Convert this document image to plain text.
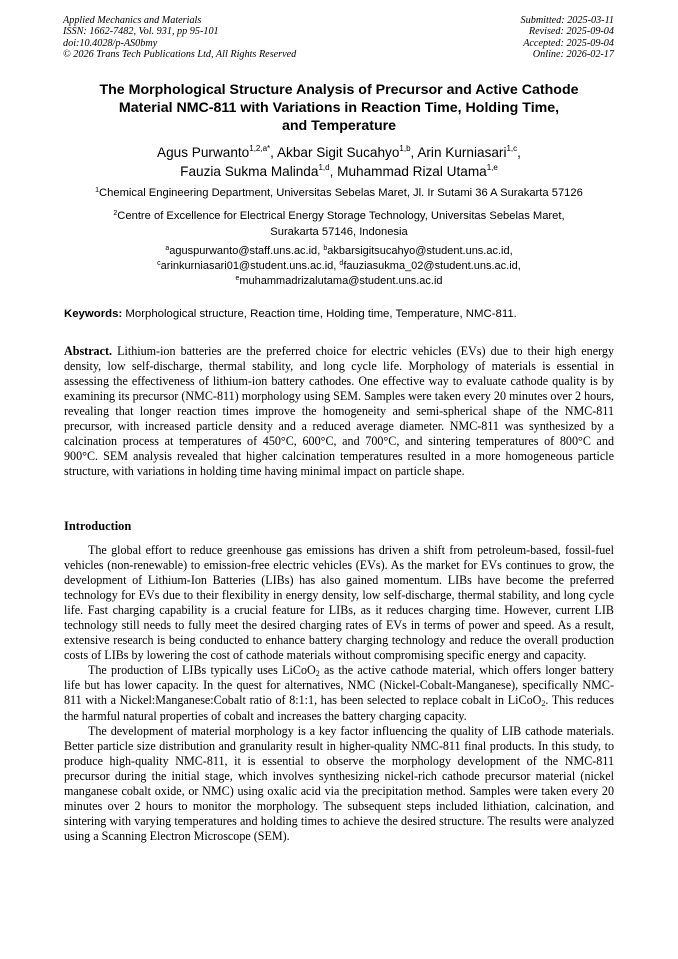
Applied Mechanics and Materials
ISSN: 1662-7482, Vol. 931, pp 95-101
doi:10.4028/p-AS0bmy
© 2026 Trans Tech Publications Ltd, All Rights Reserved
Submitted: 2025-03-11
Revised: 2025-09-04
Accepted: 2025-09-04
Online: 2026-02-17
The Morphological Structure Analysis of Precursor and Active Cathode
Material NMC-811 with Variations in Reaction Time, Holding Time,
and Temperature
Agus Purwanto$^{1,2,a*}$, Akbar Sigit Sucahyo$^{1,b}$, Arin Kurniasari$^{1,c}$,
Fauzia Sukma Malinda$^{1,d}$, Muhammad Rizal Utama$^{1,e}$
$^1$Chemical Engineering Department, Universitas Sebelas Maret, Jl. Ir Sutami 36 A Surakarta 57126
$^2$Centre of Excellence for Electrical Energy Storage Technology, Universitas Sebelas Maret,
Surakarta 57146, Indonesia
$^a$aguspurwanto@staff.uns.ac.id, $^b$akbarsigitsucahyo@student.uns.ac.id,
$^c$arinkurniasari01@student.uns.ac.id, $^d$fauziasukma_02@student.uns.ac.id,
$^e$muhammadrizalutama@student.uns.ac.id
Keywords: Morphological structure, Reaction time, Holding time, Temperature, NMC-811.

Abstract. Lithium-ion batteries are the preferred choice for electric vehicles (EVs) due to their high energy density, low self-discharge, thermal stability, and long cycle life. Morphology of materials is essential in assessing the effectiveness of lithium-ion battery cathodes. One effective way to evaluate cathode quality is by examining its precursor (NMC-811) morphology using SEM. Samples were taken every 20 minutes over 2 hours, revealing that longer reaction times improve the homogeneity and semi-spherical shape of the NMC-811 precursor, with increased particle density and a reduced average diameter. NMC-811 was synthesized by a calcination process at temperatures of 450°C, 600°C, and 700°C, and sintering temperatures of 800°C and 900°C. SEM analysis revealed that higher calcination temperatures resulted in a more homogeneous particle structure, with variations in holding time having minimal impact on particle shape.

Introduction

The global effort to reduce greenhouse gas emissions has driven a shift from petroleum-based, fossil-fuel vehicles (non-renewable) to emission-free electric vehicles (EVs). As the market for EVs continues to grow, the development of Lithium-Ion Batteries (LIBs) has also gained momentum. LIBs have become the preferred technology for EVs due to their flexibility in energy density, low self-discharge, thermal stability, and long cycle life. Fast charging capability is a crucial feature for LIBs, as it reduces charging time. However, current LIB technology still needs to fully meet the desired charging rates of EVs in terms of power and speed. As a result, extensive research is being conducted to enhance battery charging technology and reduce the overall production costs of LIBs by lowering the cost of cathode materials without compromising specific energy and capacity.

The production of LIBs typically uses LiCoO$_2$ as the active cathode material, which offers longer battery life but has lower capacity. In the quest for alternatives, NMC (Nickel-Cobalt-Manganese), specifically NMC-811 with a Nickel:Manganese:Cobalt ratio of 8:1:1, has been selected to replace cobalt in LiCoO$_2$. This reduces the harmful natural properties of cobalt and increases the battery charging capacity.

The development of material morphology is a key factor influencing the quality of LIB cathode materials. Better particle size distribution and granularity result in higher-quality NMC-811 final products. In this study, to produce high-quality NMC-811, it is essential to observe the morphology development of the NMC-811 precursor during the initial stage, which involves synthesizing nickel-rich cathode precursor material (nickel manganese cobalt oxide, or NMC) using oxalic acid via the precipitation method. Samples were taken every 20 minutes over 2 hours to monitor the morphology. The subsequent steps included lithiation, calcination, and sintering with varying temperatures and holding times to achieve the desired structure. The results were analyzed using a Scanning Electron Microscope (SEM).
